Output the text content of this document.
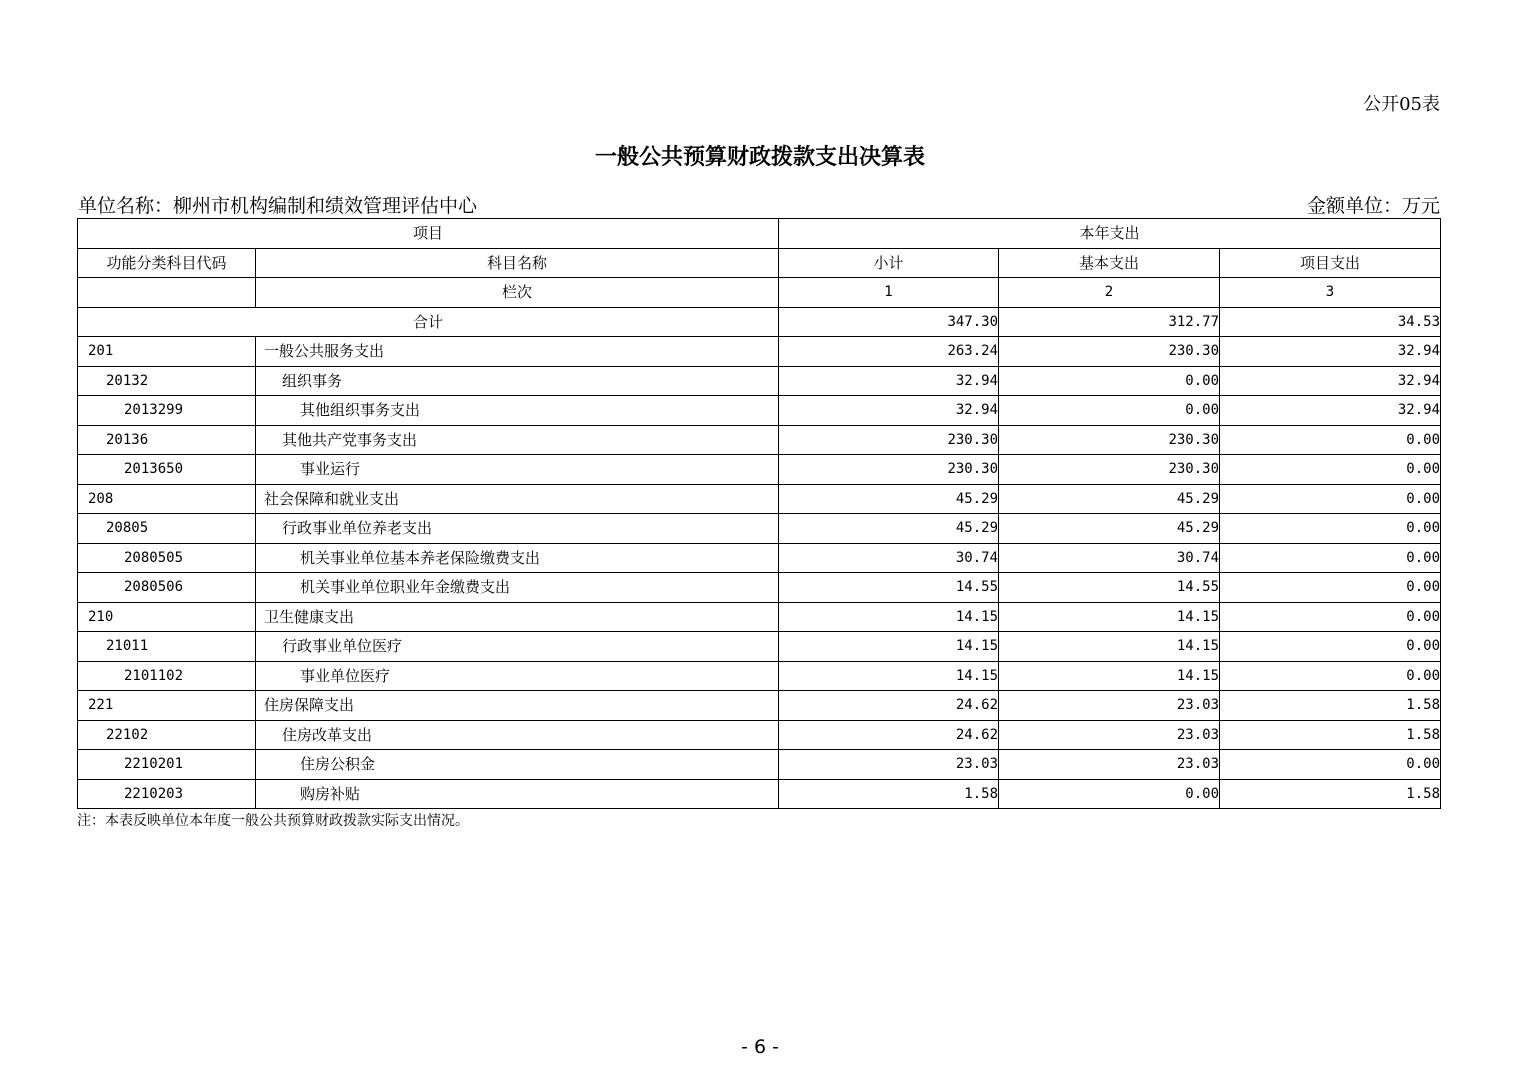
公开05表
一般公共预算财政拨款支出决算表
单位名称：柳州市机构编制和绩效管理评估中心	金额单位：万元
项目		本年支出		
功能分类科目代码	科目名称	小计	基本支出	项目支出
	栏次	1	2	3
合计		347.30	312.77	34.53
201	一般公共服务支出	263.24	230.30	32.94
20132	组织事务	32.94	0.00	32.94
2013299	其他组织事务支出	32.94	0.00	32.94
20136	其他共产党事务支出	230.30	230.30	0.00
2013650	事业运行	230.30	230.30	0.00
208	社会保障和就业支出	45.29	45.29	0.00
20805	行政事业单位养老支出	45.29	45.29	0.00
2080505	机关事业单位基本养老保险缴费支出	30.74	30.74	0.00
2080506	机关事业单位职业年金缴费支出	14.55	14.55	0.00
210	卫生健康支出	14.15	14.15	0.00
21011	行政事业单位医疗	14.15	14.15	0.00
2101102	事业单位医疗	14.15	14.15	0.00
221	住房保障支出	24.62	23.03	1.58
22102	住房改革支出	24.62	23.03	1.58
2210201	住房公积金	23.03	23.03	0.00
2210203	购房补贴	1.58	0.00	1.58
注：本表反映单位本年度一般公共预算财政拨款实际支出情况。
- 6 -
